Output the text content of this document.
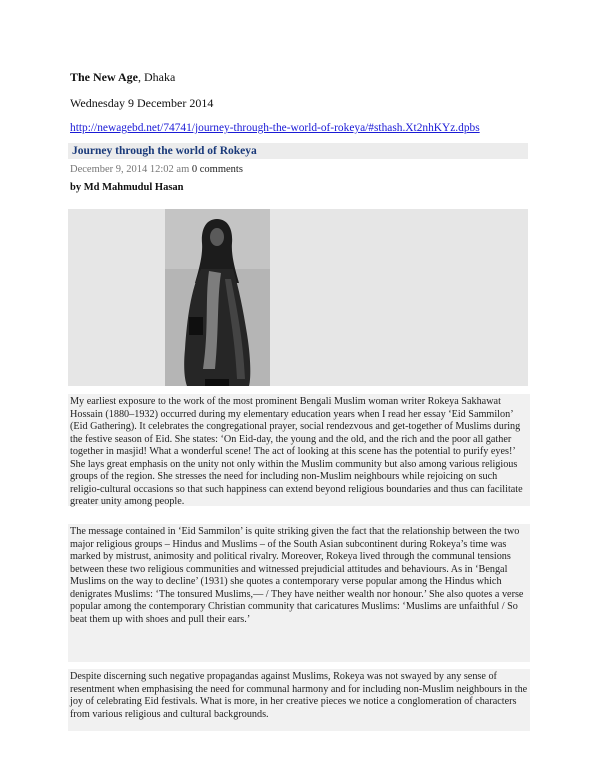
The New Age, Dhaka
Wednesday 9 December 2014
http://newagebd.net/74741/journey-through-the-world-of-rokeya/#sthash.Xt2nhKYz.dpbs
Journey through the world of Rokeya
December 9, 2014 12:02 am 0 comments
by Md Mahmudul Hasan

My earliest exposure to the work of the most prominent Bengali Muslim woman writer Rokeya Sakhawat Hossain (1880–1932) occurred during my elementary education years when I read her essay ‘Eid Sammilon’ (Eid Gathering). It celebrates the congregational prayer, social rendezvous and get-together of Muslims during the festive season of Eid. She states: ‘On Eid-day, the young and the old, and the rich and the poor all gather together in masjid! What a wonderful scene! The act of looking at this scene has the potential to purify eyes!’ She lays great emphasis on the unity not only within the Muslim community but also among various religious groups of the region. She stresses the need for including non-Muslim neighbours while rejoicing on such religio-cultural occasions so that such happiness can extend beyond religious boundaries and thus can facilitate greater unity among people.

The message contained in ‘Eid Sammilon’ is quite striking given the fact that the relationship between the two major religious groups – Hindus and Muslims – of the South Asian subcontinent during Rokeya’s time was marked by mistrust, animosity and political rivalry. Moreover, Rokeya lived through the communal tensions between these two religious communities and witnessed prejudicial attitudes and behaviours. As in ‘Bengal Muslims on the way to decline’ (1931) she quotes a contemporary verse popular among the Hindus which denigrates Muslims: ‘The tonsured Muslims,— / They have neither wealth nor honour.’ She also quotes a verse popular among the contemporary Christian community that caricatures Muslims: ‘Muslims are unfaithful / So beat them up with shoes and pull their ears.’

Despite discerning such negative propagandas against Muslims, Rokeya was not swayed by any sense of resentment when emphasising the need for communal harmony and for including non-Muslim neighbours in the joy of celebrating Eid festivals. What is more, in her creative pieces we notice a conglomeration of characters from various religious and cultural backgrounds.
